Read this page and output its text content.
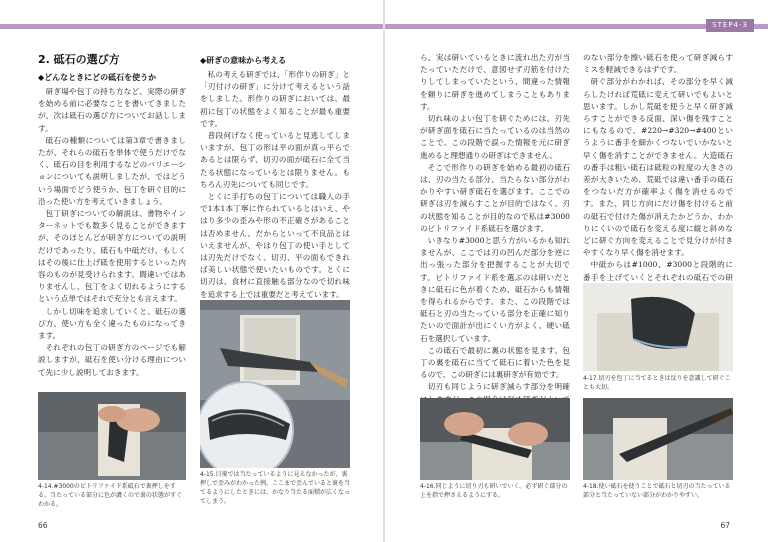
STEP4-3
2. 砥石の選び方
◆どんなときにどの砥石を使うか

研ぎ場や包丁の持ち方など、実際の研ぎを始める前に必要なことを書いてきましたが、次は砥石の選び方についてお話しします。

砥石の種類については第3章で書きましたが、それらの砥石を単体で使うだけでなく、砥石の目を利用するなどのバリエーションについても説明しましたが、ではどういう場面でどう使うか、包丁を研ぐ目的に沿った使い方を考えていきましょう。

包丁研ぎについての解説は、書物やインターネットでも数多く見ることができますが、そのほとんどが研ぎ方についての説明だけであったり、砥石も中砥だけ、もしくはその後に仕上げ砥を使用するといった内容のものが見受けられます。間違いではありませんし、包丁をよく切れるようにするという点単ではそれで充分とも言えます。

しかし切味を追求していくと、砥石の選び方、使い方も全く違ったものになってきます。

それぞれの包丁の研ぎ方のページでも解説しますが、砥石を使い分ける理由について先に少し説明しておきます。

◆研ぎの意味から考える

私の考える研ぎでは、「形作りの研ぎ」と「刃付けの研ぎ」に分けて考えるという話をしました。形作りの研ぎにおいては、最初に包丁の状態をよく知ることが最も重要です。

普段何げなく使っていると見逃してしまいますが、包丁の形は平の面が真っ平らであるとは限らず、切刃の面が砥石に全て当たる状態になっているとは限りません。もちろん刃先についても同じです。

とくに手打ちの包丁については職人の手で1本1本丁寧に作られているとはいえ、やはり多少の歪みや形の不正確さがあることは否めません。だからといって不良品とはいえませんが、やはり包丁の使い手としては刃先だけでなく、切刃、平の面もできれば美しい状態で使いたいものです。とくに切刃は、食材に直接触る部分なので切れ味を追求する上では重要だと考えています。

4-15.目視では当たっているように見えなかったが、裏押しで歪みがわかった例。ここまで歪んでいると裏を当てるようにしたときには、かなり当たる面積が広くなってしまう。
4-14.#3000のビトリファイド系砥石で裏押しをする。当たっている部分に色が濃くので裏の状態がすぐわかる。
66

ら、実は研いているときに流れ出た刃が当たっていただけで、意図せず刃筋を付けたりしてしまっていたという、間違った情報を頼りに研ぎを進めてしまうこともあります。

切れ味のよい包丁を研ぐためには、刃先が研ぎ面を砥石に当たっているのは当然のことで、この段階で誤った情報を元に研ぎ進めると理想通りの研ぎはできません。

そこで形作りの研ぎを始める最初の砥石は、刃の当たる部分、当たらない部分がわかりやすい研ぎ砥石を選びます。ここでの研ぎは刃を減らすことが目的ではなく、刃の状態を知ることが目的なので私は#3000のビトリファイド系砥石を選びます。

いきなり#3000と思う方がいるかも知れませんが、ここでは刃の凹んだ部分を逆に出っ張った部分を把握することが大切です。ビトリファイド系を選ぶのは研いだときに砥石に色が着くため、砥石からも情報を得られるからです。また、この段階では砥石と刃の当たっている部分を正確に知りたいので面計が出にくい方がよく、硬い砥石を選択しています。

この砥石で最初に裏の状態を見ます。包丁の裏を砥石に当てて砥石に着いた色を見るので、この研ぎには裏研ぎが有効です。

切刃も同じように研ぎ減らす部分を明確

のない部分を擦い砥石を使って研ぎ減らすミスを軽減できるはずです。

研ぐ部分がわかれば、その部分を早く減らしたければ荒砥に変えて研いでもよいと思います。しかし荒砥を使うと早く研ぎ減らすことができる反面、深い傷を残すことにもなるので、#220→#320→#400というように番手を細かくつないでいかないと早く傷を消すことができません。大造砥石の番手は粗い砥石は砥粒の粒度の大きさの差が大きいため、荒砥では違い番手の砥石をつないだ方が確率よく傷を消せるのです。また、同じ方向にだけ傷を付けると前の砥石で付けた傷が消えたかどうか、わかりにくいので砥石を変える度に縦と斜めなどに研ぐ方向を変えることで見分けが付きやすくなり早く傷を消せます。

中砥からは#1000、#3000と段階的に番手を上げていくとそれぞれの砥石での研

4-17.切刃を包丁に当てるときは反りを意識して研ぐことも大切。
4-16.同じように切り刃も研いでいく。必ず研ぐ部分の上を指で押さえるようにする。
4-18.使い砥石を使うことで砥石と切刃の当たっている部分と当たっていない部分がわかりやすい。
67
